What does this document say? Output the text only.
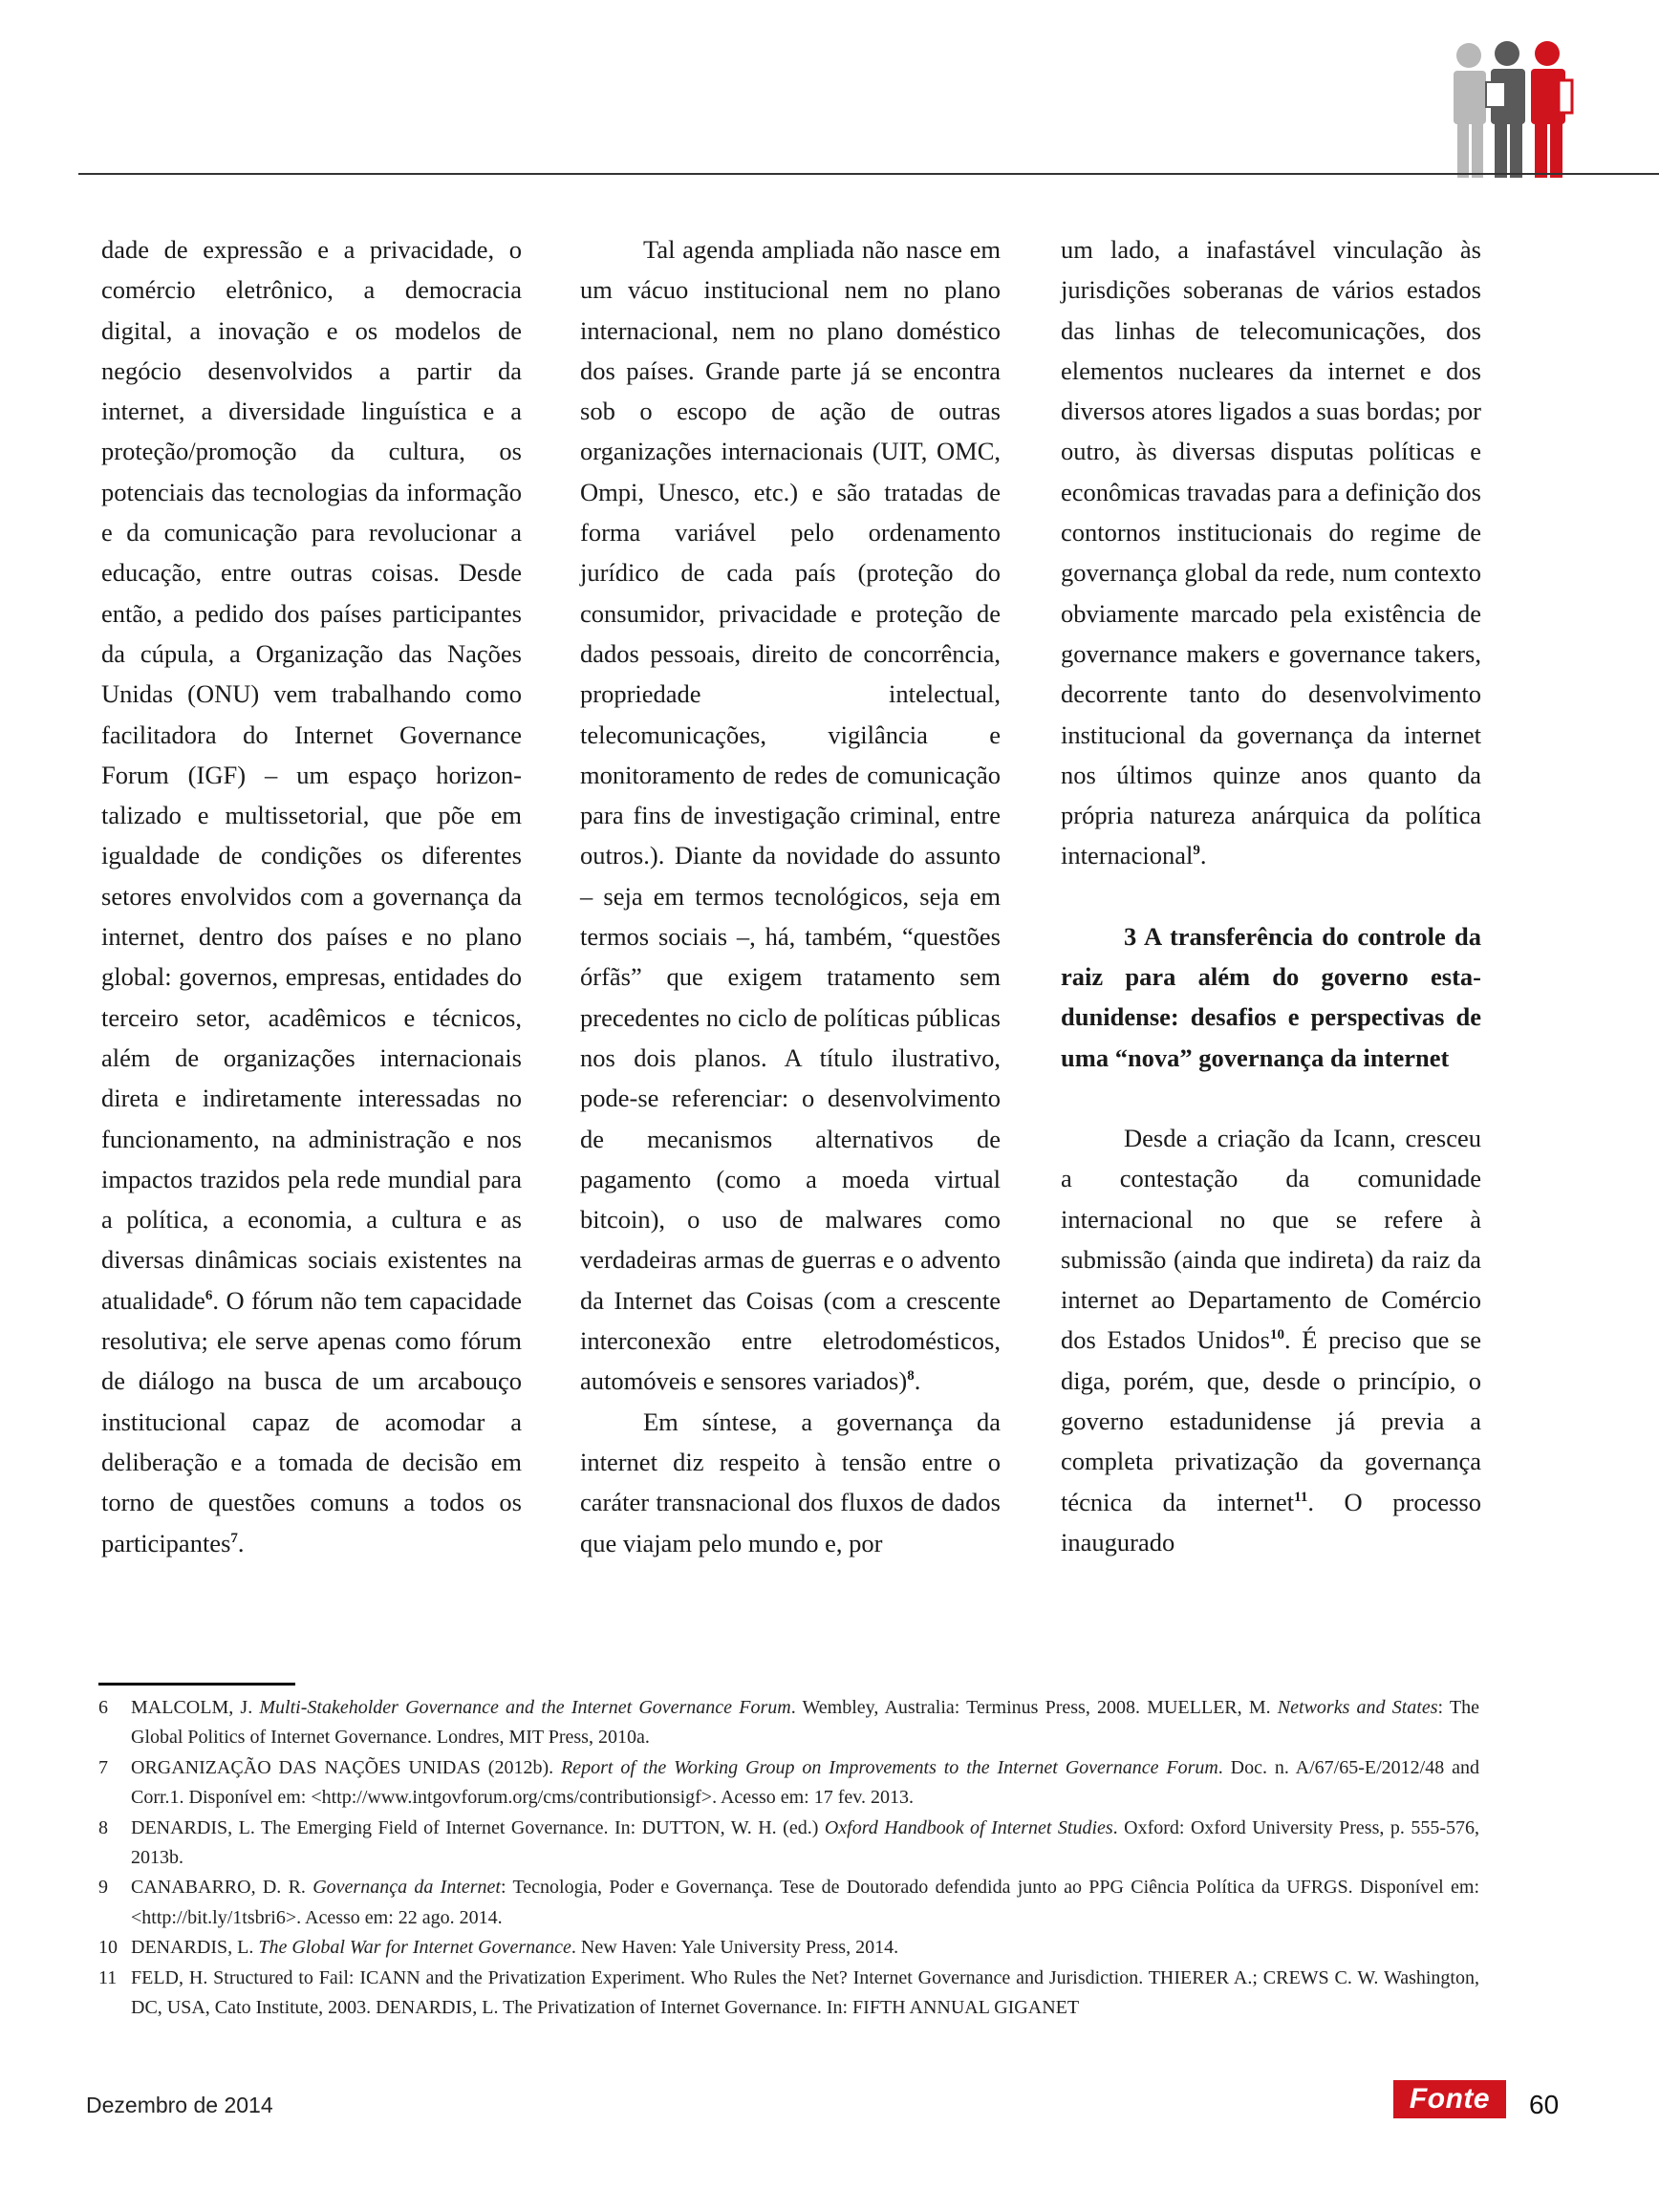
dade de expressão e a privacidade, o comércio eletrônico, a democracia digital, a inovação e os modelos de negócio desenvolvidos a partir da internet, a diversidade linguística e a proteção/promoção da cultura, os potenciais das tecnologias da informação e da comunicação para revolucionar a educação, entre outras coisas. Desde então, a pedido dos países participantes da cúpula, a Organização das Nações Unidas (ONU) vem trabalhando como facilitadora do Internet Governance Forum (IGF) – um espaço horizontalizado e multissetorial, que põe em igualdade de condições os diferentes setores envolvidos com a governança da internet, dentro dos países e no plano global: governos, empresas, entidades do terceiro setor, acadêmicos e técnicos, além de organizações internacionais direta e indiretamente interessadas no funcionamento, na administração e nos impactos trazidos pela rede mundial para a política, a economia, a cultura e as diversas dinâmicas sociais existentes na atualidade$^6$. O fórum não tem capacidade resolutiva; ele serve apenas como fórum de diálogo na busca de um arcabouço institucional capaz de acomodar a deliberação e a tomada de decisão em torno de questões comuns a todos os participantes$^7$.

Tal agenda ampliada não nasce em um vácuo institucional nem no plano internacional, nem no plano doméstico dos países. Grande parte já se encontra sob o escopo de ação de outras organizações internacionais (UIT, OMC, Ompi, Unesco, etc.) e são tratadas de forma variável pelo ordenamento jurídico de cada país (proteção do consumidor, privacidade e proteção de dados pessoais, direito de concorrência, propriedade intelectual, telecomunicações, vigilância e monitoramento de redes de comunicação para fins de investigação criminal, entre outros.). Diante da novidade do assunto – seja em termos tecnológicos, seja em termos sociais –, há, também, “questões órfãs” que exigem tratamento sem precedentes no ciclo de políticas públicas nos dois planos. A título ilustrativo, pode-se referenciar: o desenvolvimento de mecanismos alternativos de pagamento (como a moeda virtual bitcoin), o uso de malwares como verdadeiras armas de guerras e o advento da Internet das Coisas (com a crescente interconexão entre eletrodomésticos, automóveis e sensores variados)$^8$.

Em síntese, a governança da internet diz respeito à tensão entre o caráter transnacional dos fluxos de dados que viajam pelo mundo e, por

um lado, a inafastável vinculação às jurisdições soberanas de vários estados das linhas de telecomunicações, dos elementos nucleares da internet e dos diversos atores ligados a suas bordas; por outro, às diversas disputas políticas e econômicas travadas para a definição dos contornos institucionais do regime de governança global da rede, num contexto obviamente marcado pela existência de governance makers e governance takers, decorrente tanto do desenvolvimento institucional da governança da internet nos últimos quinze anos quanto da própria natureza anárquica da política internacional$^9$.

3 A transferência do controle da raiz para além do governo estadunidense: desafios e perspectivas de uma “nova” governança da internet

Desde a criação da Icann, cresceu a contestação da comunidade internacional no que se refere à submissão (ainda que indireta) da raiz da internet ao Departamento de Comércio dos Estados Unidos$^{10}$. É preciso que se diga, porém, que, desde o princípio, o governo estadunidense já previa a completa privatização da governança técnica da internet$^{11}$. O processo inaugurado

6 MALCOLM, J. Multi-Stakeholder Governance and the Internet Governance Forum. Wembley, Australia: Terminus Press, 2008. MUELLER, M. Networks and States: The Global Politics of Internet Governance. Londres, MIT Press, 2010a.
7 ORGANIZAÇÃO DAS NAÇÕES UNIDAS (2012b). Report of the Working Group on Improvements to the Internet Governance Forum. Doc. n. A/67/65-E/2012/48 and Corr.1. Disponível em: <http://www.intgovforum.org/cms/contributionsigf>. Acesso em: 17 fev. 2013.
8 DENARDIS, L. The Emerging Field of Internet Governance. In: DUTTON, W. H. (ed.) Oxford Handbook of Internet Studies. Oxford: Oxford University Press, p. 555-576, 2013b.
9 CANABARRO, D. R. Governança da Internet: Tecnologia, Poder e Governança. Tese de Doutorado defendida junto ao PPG Ciência Política da UFRGS. Disponível em: <http://bit.ly/1tsbri6>. Acesso em: 22 ago. 2014.
10 DENARDIS, L. The Global War for Internet Governance. New Haven: Yale University Press, 2014.
11 FELD, H. Structured to Fail: ICANN and the Privatization Experiment. Who Rules the Net? Internet Governance and Jurisdiction. THIERER A.; CREWS C. W. Washington, DC, USA, Cato Institute, 2003. DENARDIS, L. The Privatization of Internet Governance. In: FIFTH ANNUAL GIGANET
Dezembro de 2014	Fonte	60
